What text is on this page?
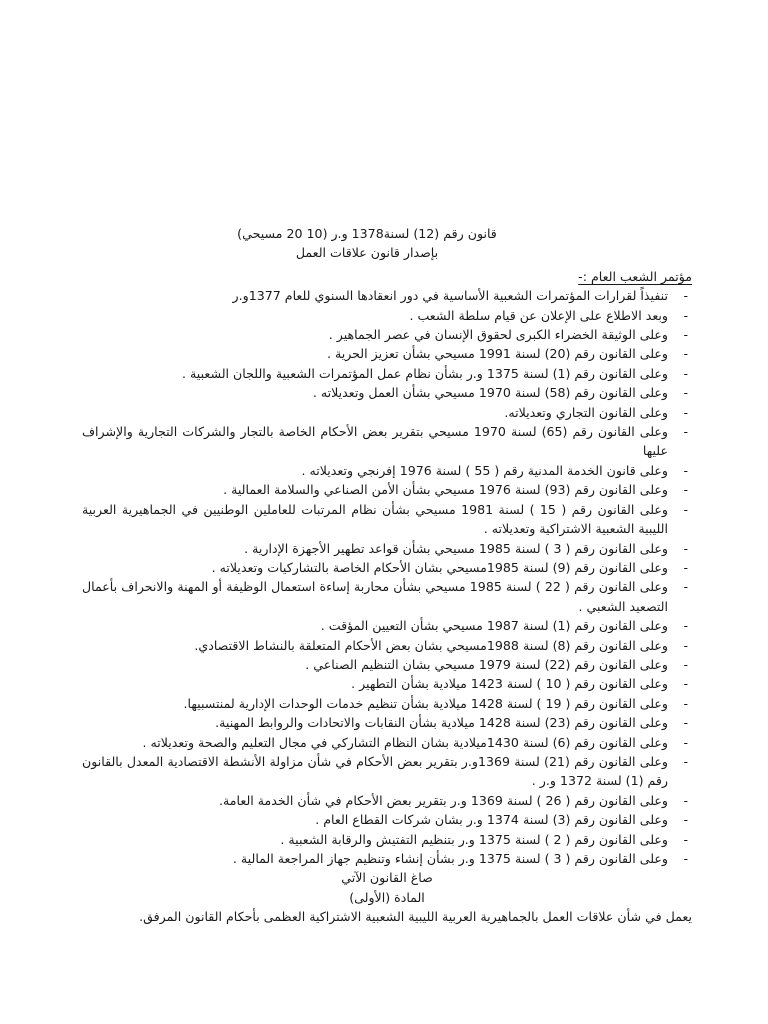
قانون رقم (12) لسنة1378 و.ر (10 20 مسيحي)

بإصدار قانون علاقات العمل

مؤتمر الشعب العام :-

-
تنفيذاً لقرارات المؤتمرات الشعبية الأساسية في دور انعقادها السنوي للعام 1377و.ر
-
وبعد الاطلاع على الإعلان عن قيام سلطة الشعب .
-
وعلى الوثيقة الخضراء الكبرى لحقوق الإنسان في عصر الجماهير .
-
وعلى القانون رقم (20) لسنة 1991 مسيحي بشأن تعزيز الحرية .
-
وعلى القانون رقم (1) لسنة 1375 و.ر بشأن نظام عمل المؤتمرات الشعبية واللجان الشعبية .
-
وعلى القانون رقم (58) لسنة 1970 مسيحي بشأن العمل وتعديلاته .
-
وعلى القانون التجاري وتعديلاته.
-
وعلى القانون رقم (65) لسنة 1970 مسيحي بتقرير بعض الأحكام الخاصة بالتجار والشركات التجارية والإشراف عليها
-
وعلى قانون الخدمة المدنية رقم ( 55 ) لسنة 1976 إفرنجي وتعديلاته .
-
وعلى القانون رقم (93) لسنة 1976 مسيحي بشأن الأمن الصناعي والسلامة العمالية .
-
وعلى القانون رقم ( 15 ) لسنة 1981 مسيحي بشأن نظام المرتبات للعاملين الوطنيين في الجماهيرية العربية الليبية الشعبية الاشتراكية وتعديلاته .
-
وعلى القانون رقم ( 3 ) لسنة 1985 مسيحي بشأن قواعد تطهير الأجهزة الإدارية .
-
وعلى القانون رقم (9) لسنة 1985مسيحي بشان الأحكام الخاصة بالتشاركيات وتعديلاته .
-
وعلى القانون رقم ( 22 ) لسنة 1985 مسيحي بشأن محاربة إساءة استعمال الوظيفة أو المهنة والانحراف بأعمال التصعيد الشعبي .
-
وعلى القانون رقم (1) لسنة 1987 مسيحي بشأن التعيين المؤقت .
-
وعلى القانون رقم (8) لسنة 1988مسيحي بشان بعض الأحكام المتعلقة بالنشاط الاقتصادي.
-
وعلى القانون رقم (22) لسنة 1979 مسيحي بشان التنظيم الصناعي .
-
وعلى القانون رقم ( 10 ) لسنة 1423 ميلادية بشأن التطهير .
-
وعلى القانون رقم ( 19 ) لسنة 1428 ميلادية بشأن تنظيم خدمات الوحدات الإدارية لمنتسبيها.
-
وعلى القانون رقم (23) لسنة 1428 ميلادية بشأن النقابات والاتحادات والروابط المهنية.
-
وعلى القانون رقم (6) لسنة 1430ميلادية بشان النظام التشاركي في مجال التعليم والصحة وتعديلاته .
-
وعلى القانون رقم (21) لسنة 1369و.ر بتقرير بعض الأحكام في شأن مزاولة الأنشطة الاقتصادية المعدل بالقانون رقم (1) لسنة 1372 و.ر .
-
وعلى القانون رقم ( 26 ) لسنة 1369 و.ر بتقرير بعض الأحكام في شأن الخدمة العامة.
-
وعلى القانون رقم (3) لسنة 1374 و.ر بشان شركات القطاع العام .
-
وعلى القانون رقم ( 2 ) لسنة 1375 و.ر بتنظيم التفتيش والرقابة الشعبية .
-
وعلى القانون رقم ( 3 ) لسنة 1375 و.ر بشأن إنشاء وتنظيم جهاز المراجعة المالية .

صاغ القانون الآتي

المادة (الأولى)

يعمل في شأن علاقات العمل بالجماهيرية العربية الليبية الشعبية الاشتراكية العظمى بأحكام القانون المرفق.
